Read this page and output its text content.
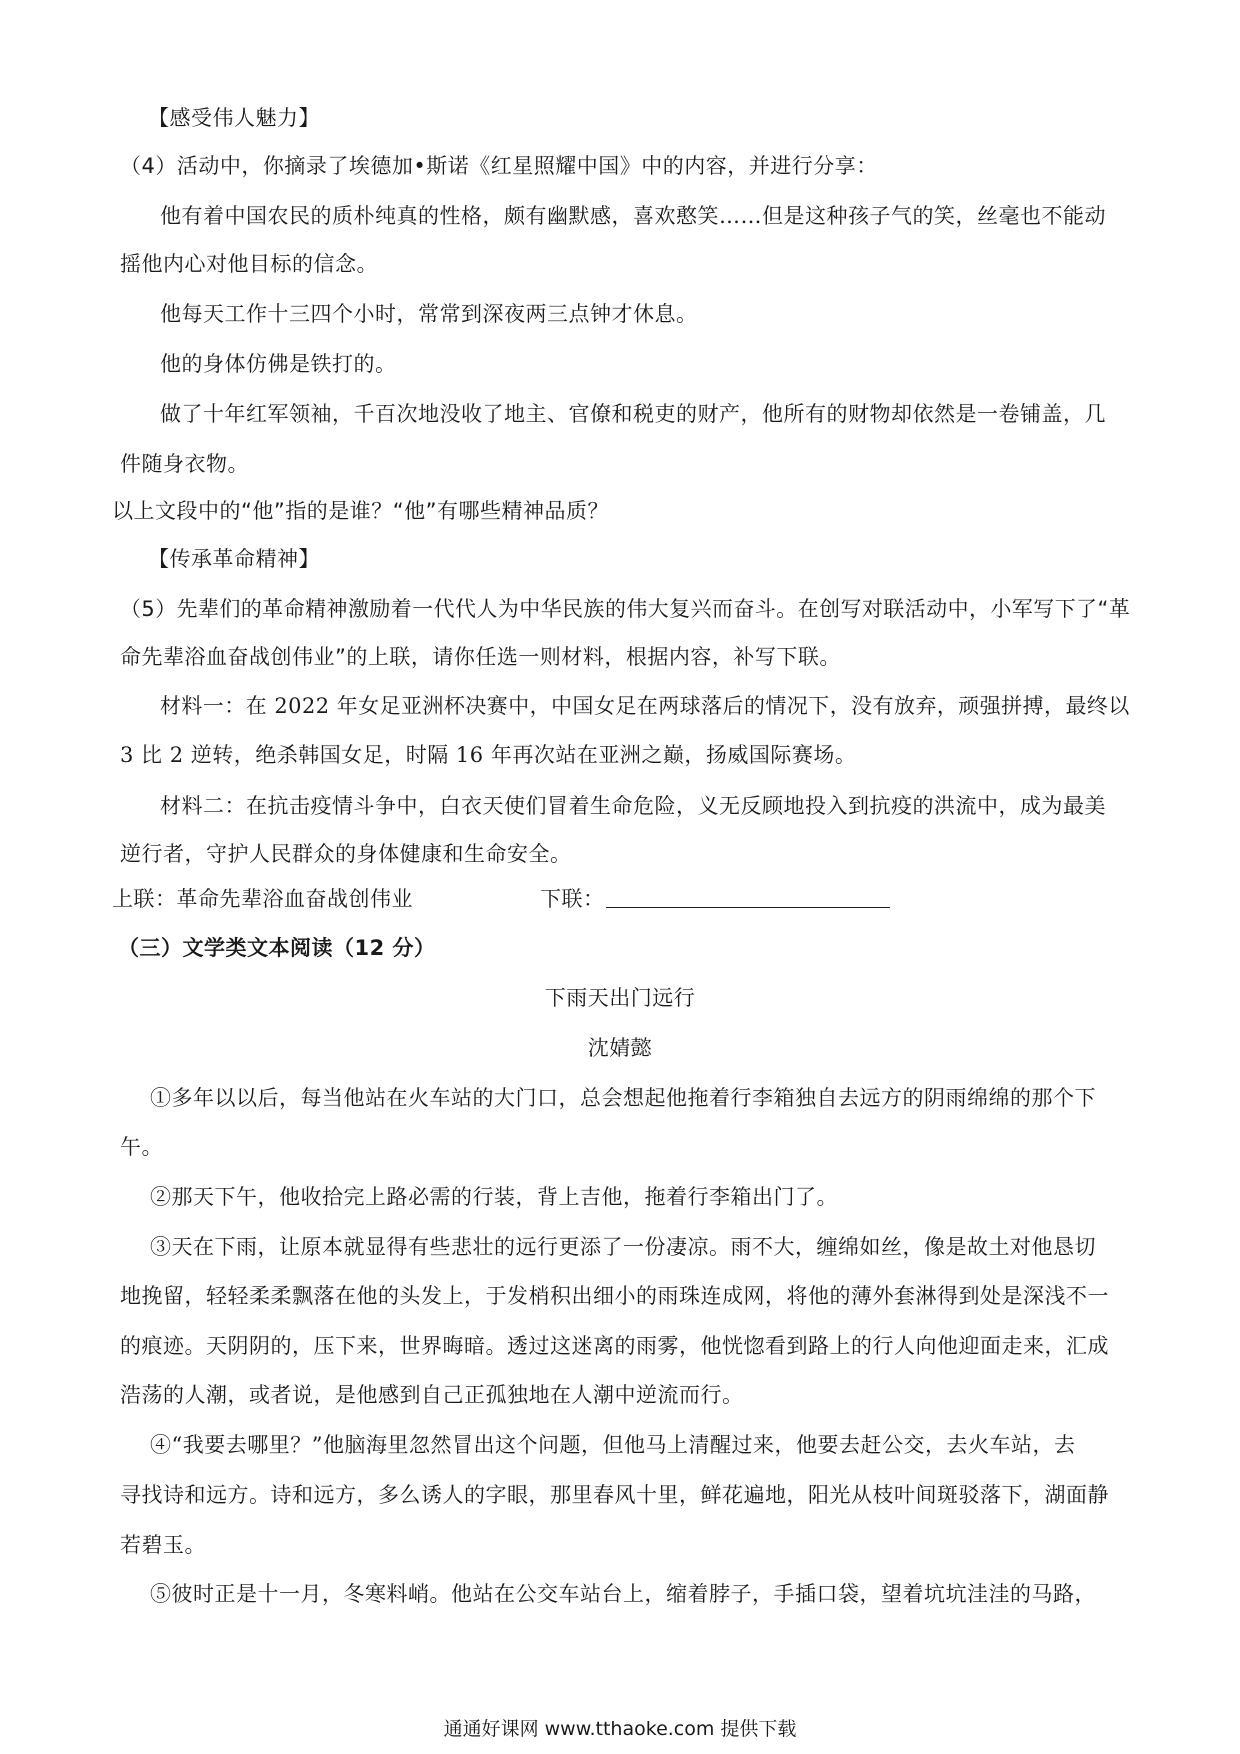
【感受伟人魅力】
（4）活动中，你摘录了埃德加•斯诺《红星照耀中国》中的内容，并进行分享：
他有着中国农民的质朴纯真的性格，颇有幽默感，喜欢憨笑……但是这种孩子气的笑，丝毫也不能动
摇他内心对他目标的信念。
他每天工作十三四个小时，常常到深夜两三点钟才休息。
他的身体仿佛是铁打的。
做了十年红军领袖，千百次地没收了地主、官僚和税吏的财产，他所有的财物却依然是一卷铺盖，几
件随身衣物。
以上文段中的“他”指的是谁？“他”有哪些精神品质？
【传承革命精神】
（5）先辈们的革命精神激励着一代代人为中华民族的伟大复兴而奋斗。在创写对联活动中，小军写下了“革
命先辈浴血奋战创伟业”的上联，请你任选一则材料，根据内容，补写下联。
材料一：在 2022 年女足亚洲杯决赛中，中国女足在两球落后的情况下，没有放弃，顽强拼搏，最终以
3 比 2 逆转，绝杀韩国女足，时隔 16 年再次站在亚洲之巅，扬威国际赛场。
材料二：在抗击疫情斗争中，白衣天使们冒着生命危险，义无反顾地投入到抗疫的洪流中，成为最美
逆行者，守护人民群众的身体健康和生命安全。
上联：革命先辈浴血奋战创伟业	下联：
（三）文学类文本阅读（12 分）
下雨天出门远行
沈婧懿
①多年以以后，每当他站在火车站的大门口，总会想起他拖着行李箱独自去远方的阴雨绵绵的那个下
午。
②那天下午，他收拾完上路必需的行装，背上吉他，拖着行李箱出门了。
③天在下雨，让原本就显得有些悲壮的远行更添了一份凄凉。雨不大，缠绵如丝，像是故土对他恳切
地挽留，轻轻柔柔飘落在他的头发上，于发梢积出细小的雨珠连成网，将他的薄外套淋得到处是深浅不一
的痕迹。天阴阴的，压下来，世界晦暗。透过这迷离的雨雾，他恍惚看到路上的行人向他迎面走来，汇成
浩荡的人潮，或者说，是他感到自己正孤独地在人潮中逆流而行。
④“我要去哪里？”他脑海里忽然冒出这个问题，但他马上清醒过来，他要去赶公交，去火车站，去
寻找诗和远方。诗和远方，多么诱人的字眼，那里春风十里，鲜花遍地，阳光从枝叶间斑驳落下，湖面静
若碧玉。
⑤彼时正是十一月，冬寒料峭。他站在公交车站台上，缩着脖子，手插口袋，望着坑坑洼洼的马路，
通通好课网 www.tthaoke.com 提供下载
